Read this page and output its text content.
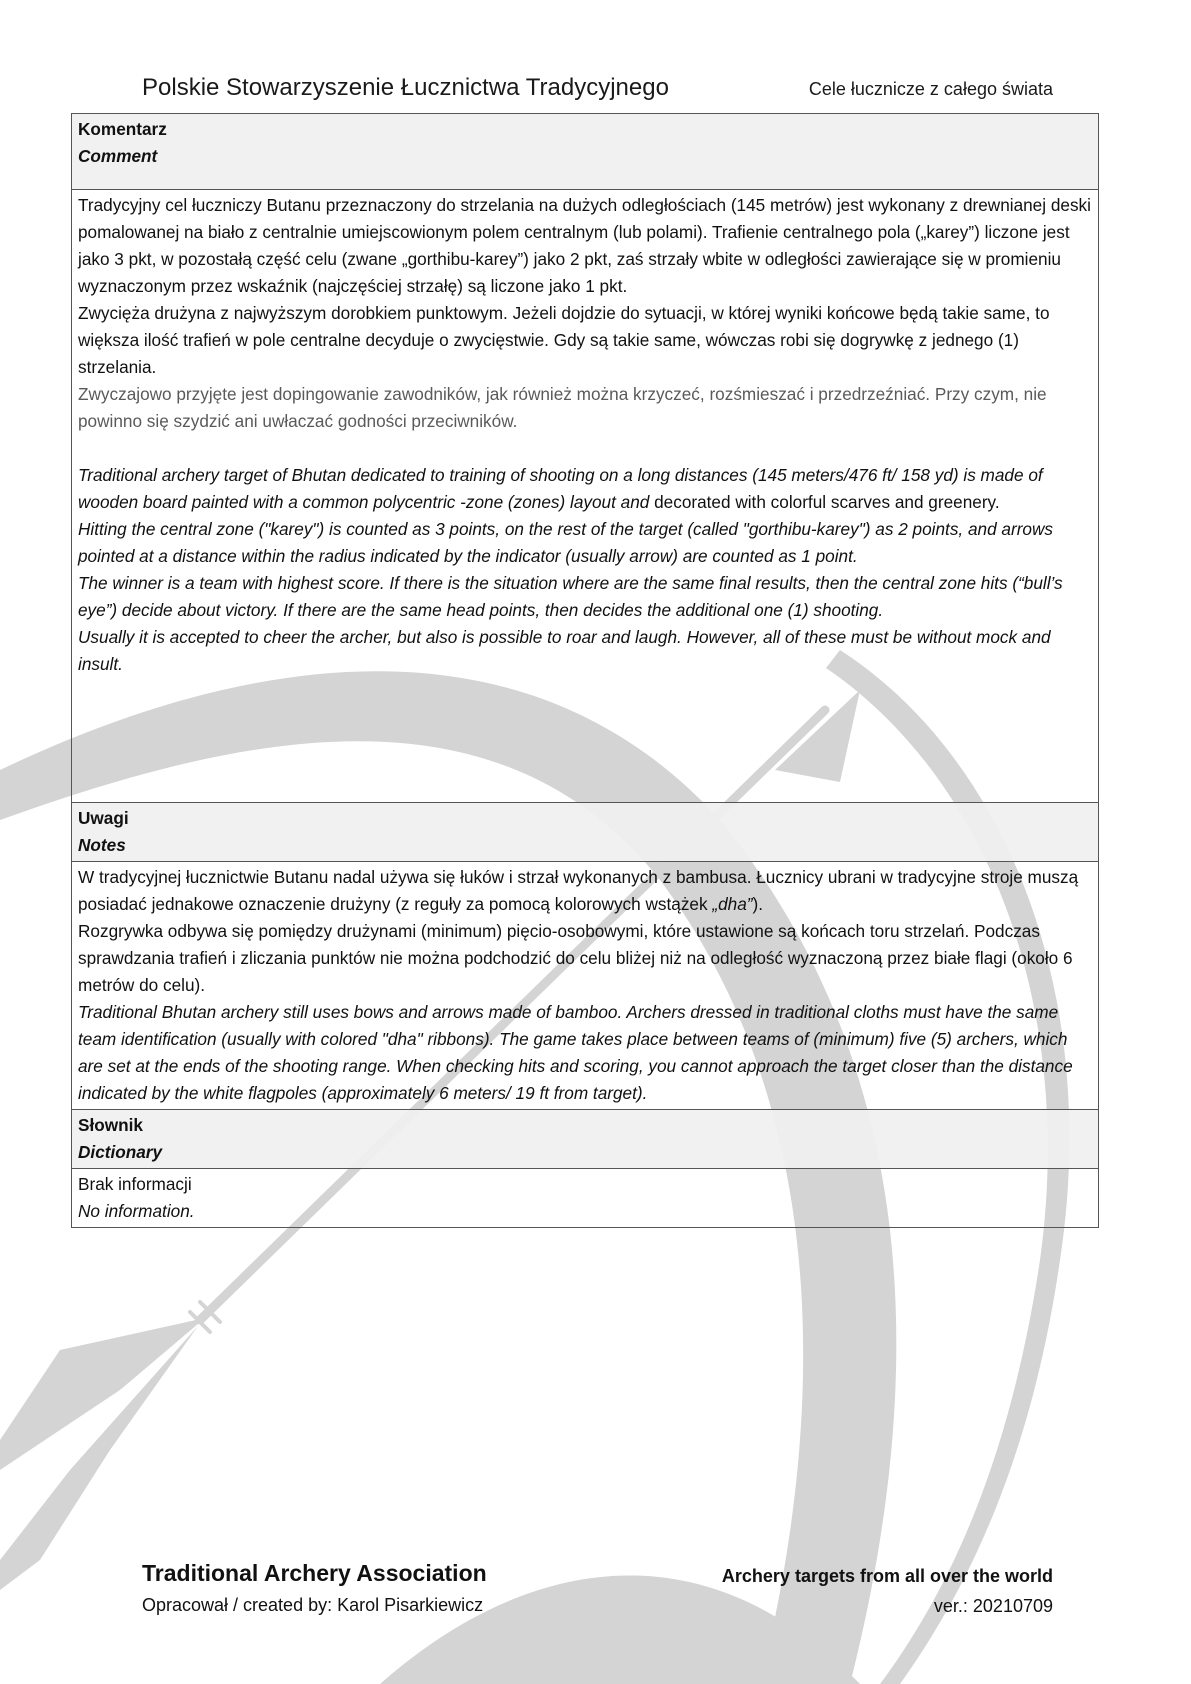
Polskie Stowarzyszenie Łucznictwa Tradycyjnego	Cele łucznicze z całego świata
Komentarz
Comment

Tradycyjny cel łuczniczy Butanu przeznaczony do strzelania na dużych odległościach (145 metrów) jest wykonany z drewnianej deski pomalowanej na biało z centralnie umiejscowionym polem centralnym (lub polami). Trafienie centralnego pola („karey”) liczone jest jako 3 pkt, w pozostałą część celu (zwane „gorthibu-karey”) jako 2 pkt, zaś strzały wbite w odległości zawierające się w promieniu wyznaczonym przez wskaźnik (najczęściej strzałę) są liczone jako 1 pkt.

Zwycięża drużyna z najwyższym dorobkiem punktowym. Jeżeli dojdzie do sytuacji, w której wyniki końcowe będą takie same, to większa ilość trafień w pole centralne decyduje o zwycięstwie. Gdy są takie same, wówczas robi się dogrywkę z jednego (1) strzelania.

Zwyczajowo przyjęte jest dopingowanie zawodników, jak również można krzyczeć, rozśmieszać i przedrzeźniać. Przy czym, nie powinno się szydzić ani uwłaczać godności przeciwników.

Traditional archery target of Bhutan dedicated to training of shooting on a long distances (145 meters/476 ft/ 158 yd) is made of wooden board painted with a common polycentric -zone (zones) layout and decorated with colorful scarves and greenery.

Hitting the central zone ("karey") is counted as 3 points, on the rest of the target (called "gorthibu-karey") as 2 points, and arrows pointed at a distance within the radius indicated by the indicator (usually arrow) are counted as 1 point.

The winner is a team with highest score. If there is the situation where are the same final results, then the central zone hits (“bull’s eye”) decide about victory. If there are the same head points, then decides the additional one (1) shooting.

Usually it is accepted to cheer the archer, but also is possible to roar and laugh. However, all of these must be without mock and insult.

Uwagi
Notes

W tradycyjnej łucznictwie Butanu nadal używa się łuków i strzał wykonanych z bambusa. Łucznicy ubrani w tradycyjne stroje muszą posiadać jednakowe oznaczenie drużyny (z reguły za pomocą kolorowych wstążek „dha”).

Rozgrywka odbywa się pomiędzy drużynami (minimum) pięcio-osobowymi, które ustawione są końcach toru strzelań. Podczas sprawdzania trafień i zliczania punktów nie można podchodzić do celu bliżej niż na odległość wyznaczoną przez białe flagi (około 6 metrów do celu).

Traditional Bhutan archery still uses bows and arrows made of bamboo. Archers dressed in traditional cloths must have the same team identification (usually with colored "dha" ribbons). The game takes place between teams of (minimum) five (5) archers, which are set at the ends of the shooting range. When checking hits and scoring, you cannot approach the target closer than the distance indicated by the white flagpoles (approximately 6 meters/ 19 ft from target).

Słownik
Dictionary

Brak informacji
No information.
Traditional Archery Association
Opracował / created by: Karol Pisarkiewicz
Archery targets from all over the world
ver.: 20210709
